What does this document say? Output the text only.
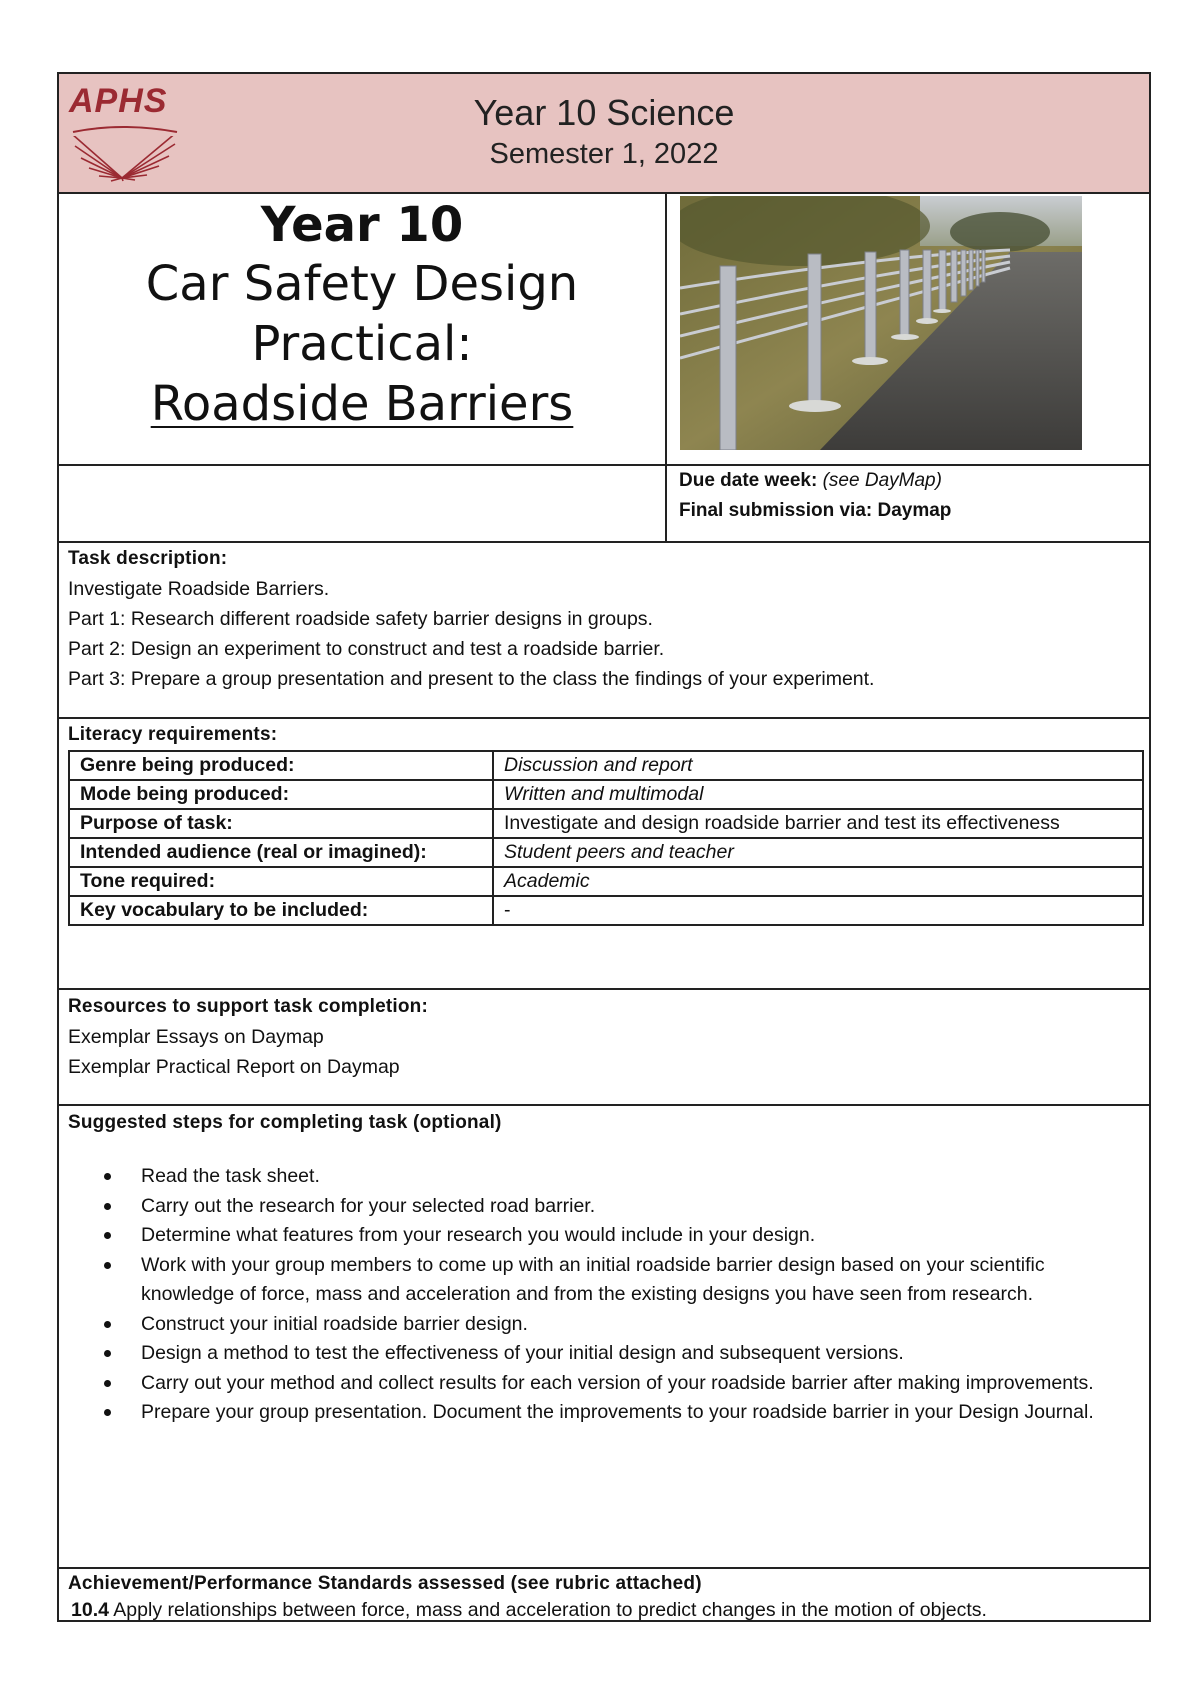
APHS	Year 10 Science
Semester 1, 2022
Year 10
Car Safety Design
Practical:
Roadside Barriers
Due date week: (see DayMap)
Final submission via: Daymap
Task description:
Investigate Roadside Barriers.
Part 1: Research different roadside safety barrier designs in groups.
Part 2: Design an experiment to construct and test a roadside barrier.
Part 3: Prepare a group presentation and present to the class the findings of your experiment.
Literacy requirements:
Genre being produced:	Discussion and report
Mode being produced:	Written and multimodal
Purpose of task:	Investigate and design roadside barrier and test its effectiveness
Intended audience (real or imagined):	Student peers and teacher
Tone required:	Academic
Key vocabulary to be included:	-
Resources to support task completion:
Exemplar Essays on Daymap
Exemplar Practical Report on Daymap
Suggested steps for completing task (optional)
Read the task sheet.
Carry out the research for your selected road barrier.
Determine what features from your research you would include in your design.
Work with your group members to come up with an initial roadside barrier design based on your scientific knowledge of force, mass and acceleration and from the existing designs you have seen from research.
Construct your initial roadside barrier design.
Design a method to test the effectiveness of your initial design and subsequent versions.
Carry out your method and collect results for each version of your roadside barrier after making improvements.
Prepare your group presentation. Document the improvements to your roadside barrier in your Design Journal.
Achievement/Performance Standards assessed (see rubric attached)
10.4 Apply relationships between force, mass and acceleration to predict changes in the motion of objects.
